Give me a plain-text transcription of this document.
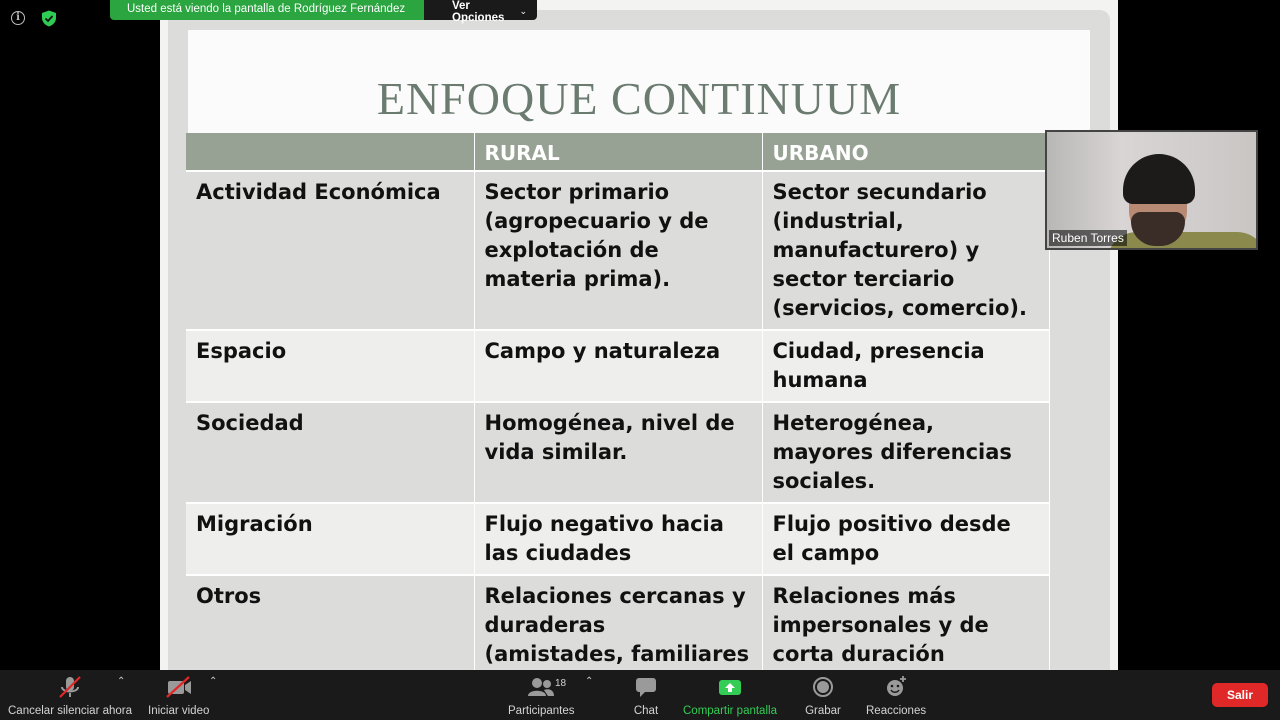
i
ENFOQUE CONTINUUM
	RURAL	URBANO
Actividad Económica	Sector primario (agropecuario y de explotación de materia prima).	Sector secundario (industrial, manufacturero) y sector terciario (servicios, comercio).
Espacio	Campo y naturaleza	Ciudad, presencia humana
Sociedad	Homogénea, nivel de vida similar.	Heterogénea, mayores diferencias sociales.
Migración	Flujo negativo hacia las ciudades	Flujo positivo desde el campo
Otros	Relaciones cercanas y duraderas (amistades, familiares	Relaciones más impersonales y de corta duración
Usted está viendo la pantalla de Rodríguez Fernández	Ver Opciones
⌄
Ruben Torres
Cancelar silenciar ahora
⌃
Iniciar video
⌃
Participantes
⌃
Chat Compartir pantalla Grabar Reacciones
18
Salir
